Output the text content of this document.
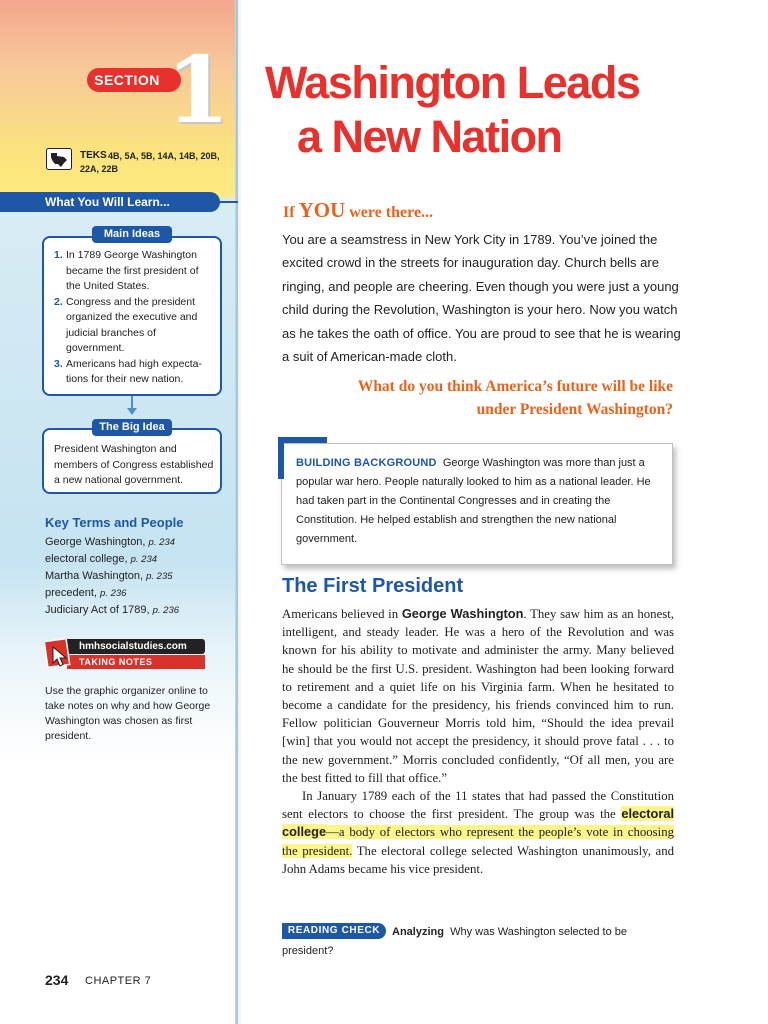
SECTION 1
TEKS 4B, 5A, 5B, 14A, 14B, 20B, 22A, 22B
What You Will Learn...
1. In 1789 George Washington became the first president of the United States.
2. Congress and the president organized the executive and judicial branches of government.
3. Americans had high expectations for their new nation.
Main Ideas
President Washington and members of Congress established a new national government.
The Big Idea
Key Terms and People
George Washington, p. 234
electoral college, p. 234
Martha Washington, p. 235
precedent, p. 236
Judiciary Act of 1789, p. 236
hmhsocialstudies.com
TAKING NOTES
Use the graphic organizer online to take notes on why and how George Washington was chosen as first president.
234 CHAPTER 7
Washington Leads
a New Nation
If YOU were there...
You are a seamstress in New York City in 1789. You’ve joined the excited crowd in the streets for inauguration day. Church bells are ringing, and people are cheering. Even though you were just a young child during the Revolution, Washington is your hero. Now you watch as he takes the oath of office. You are proud to see that he is wearing a suit of American-made cloth.
What do you think America’s future will be like
under President Washington?
BUILDING BACKGROUND George Washington was more than just a popular war hero. People naturally looked to him as a national leader. He had taken part in the Continental Congresses and in creating the Constitution. He helped establish and strengthen the new national government.
The First President

Americans believed in George Washington. They saw him as an honest, intelligent, and steady leader. He was a hero of the Revolution and was known for his ability to motivate and administer the army. Many believed he should be the first U.S. president. Washington had been looking forward to retirement and a quiet life on his Virginia farm. When he hesitated to become a candidate for the presidency, his friends convinced him to run. Fellow politician Gouverneur Morris told him, “Should the idea prevail [win] that you would not accept the presidency, it should prove fatal . . . to the new government.” Morris concluded confidently, “Of all men, you are the best fitted to fill that office.”

In January 1789 each of the 11 states that had passed the Constitution sent electors to choose the first president. The group was the electoral college—a body of electors who represent the people’s vote in choosing the president. The electoral college selected Washington unanimously, and John Adams became his vice president.

Analyzing Why was Washington selected to be president?
READING CHECK
